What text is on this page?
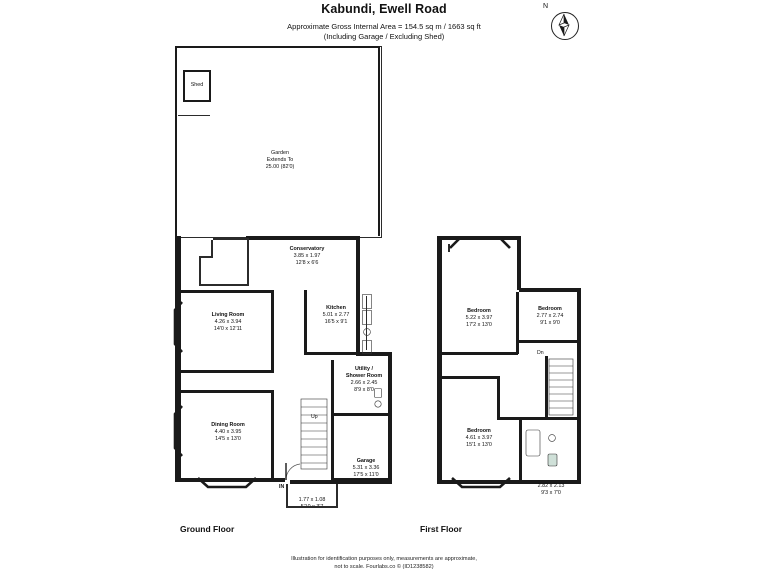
Kabundi, Ewell Road
Approximate Gross Internal Area = 154.5 sq m / 1663 sq ft
(Including Garage / Excluding Shed)
N
Shed
Garden
Extends To
25.00 (82'0)
Conservatory
3.85 x 1.97
12'8 x 6'6
Living Room
4.26 x 3.94
14'0 x 12'11
Kitchen
5.01 x 2.77
16'5 x 9'1
Utility /
Shower Room
2.66 x 2.45
8'9 x 8'0
Dining Room
4.40 x 3.95
14'5 x 13'0
Up
1.77 x 1.08

IN
Garage
5.31 x 3.36
17'5 x 11'0
Ground Floor
Bedroom
5.22 x 3.97
17'2 x 13'0
Bedroom
2.77 x 2.74
9'1 x 9'0
Dn
Bedroom
4.61 x 3.97
15'1 x 13'0
2.82 x 2.13
9'3 x 7'0
First Floor
Illustration for identification purposes only, measurements are approximate,
not to scale. Fourlabs.co © (ID1238582)
